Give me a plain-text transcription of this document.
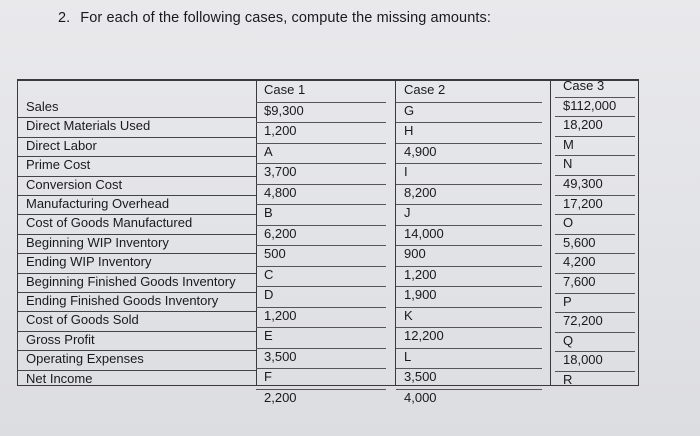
2. For each of the following cases, compute the missing amounts:
Sales
Direct Materials Used
Direct Labor
Prime Cost
Conversion Cost
Manufacturing Overhead
Cost of Goods Manufactured
Beginning WIP Inventory
Ending WIP Inventory
Beginning Finished Goods Inventory
Ending Finished Goods Inventory
Cost of Goods Sold
Gross Profit
Operating Expenses
Net Income
Case 1
$9,300
1,200
A
3,700
4,800
B
6,200
500
C
D
1,200
E
3,500
F
2,200
Case 2
G
H
4,900
I
8,200
J
14,000
900
1,200
1,900
K
12,200
L
3,500
4,000
Case 3
$112,000
18,200
M
N
49,300
17,200
O
5,600
4,200
7,600
P
72,200
Q
18,000
R
